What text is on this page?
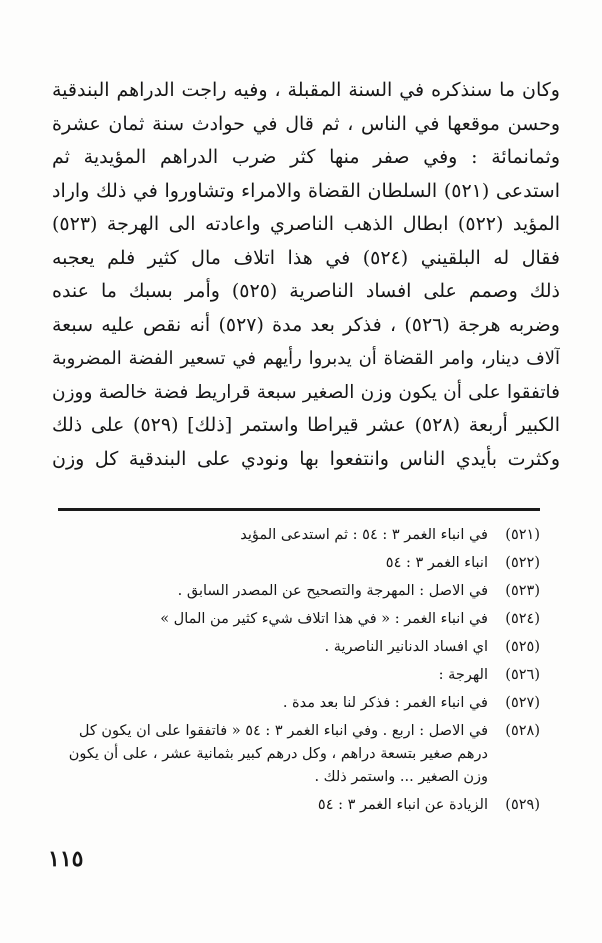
وكان ما سنذكره في السنة المقبلة ، وفيه راجت الدراهم البندقية
وحسن موقعها في الناس ، ثم قال في حوادث سنة ثمان عشرة
وثمانمائة : وفي صفر منها كثر ضرب الدراهم المؤيدية ثم
استدعى (٥٢١) السلطان القضاة والامراء وتشاوروا في ذلك واراد
المؤيد (٥٢٢) ابطال الذهب الناصري واعادته الى الهرجة (٥٢٣)
فقال له البلقيني (٥٢٤) في هذا اتلاف مال كثير فلم يعجبه
ذلك وصمم على افساد الناصرية (٥٢٥) وأمر بسبك ما عنده
وضربه هرجة (٥٢٦) ، فذكر بعد مدة (٥٢٧) أنه نقص عليه سبعة
آلاف دينار، وامر القضاة أن يدبروا رأيهم في تسعير الفضة المضروبة
فاتفقوا على أن يكون وزن الصغير سبعة قراريط فضة خالصة ووزن
الكبير أربعة (٥٢٨) عشر قيراطا واستمر [ذلك] (٥٢٩) على ذلك
وكثرت بأيدي الناس وانتفعوا بها ونودي على البندقية كل وزن
(٥٢١)
في انباء الغمر ٣ : ٥٤ : ثم استدعى المؤيد
(٥٢٢)
انباء الغمر ٣ : ٥٤
(٥٢٣)
في الاصل : المهرجة والتصحيح عن المصدر السابق .
(٥٢٤)
في انباء الغمر : « في هذا اتلاف شيء كثير من المال »
(٥٢٥)
اي افساد الدنانير الناصرية .
(٥٢٦)
الهرجة :
(٥٢٧)
في انباء الغمر : فذكر لنا بعد مدة .
(٥٢٨)
في الاصل : اربع . وفي انباء الغمر ٣ : ٥٤ « فاتفقوا على ان يكون كل درهم صغير بتسعة دراهم ، وكل درهم كبير بثمانية عشر ، على أن يكون وزن الصغير ... واستمر ذلك .
(٥٢٩)
الزيادة عن انباء الغمر ٣ : ٥٤
١١٥
